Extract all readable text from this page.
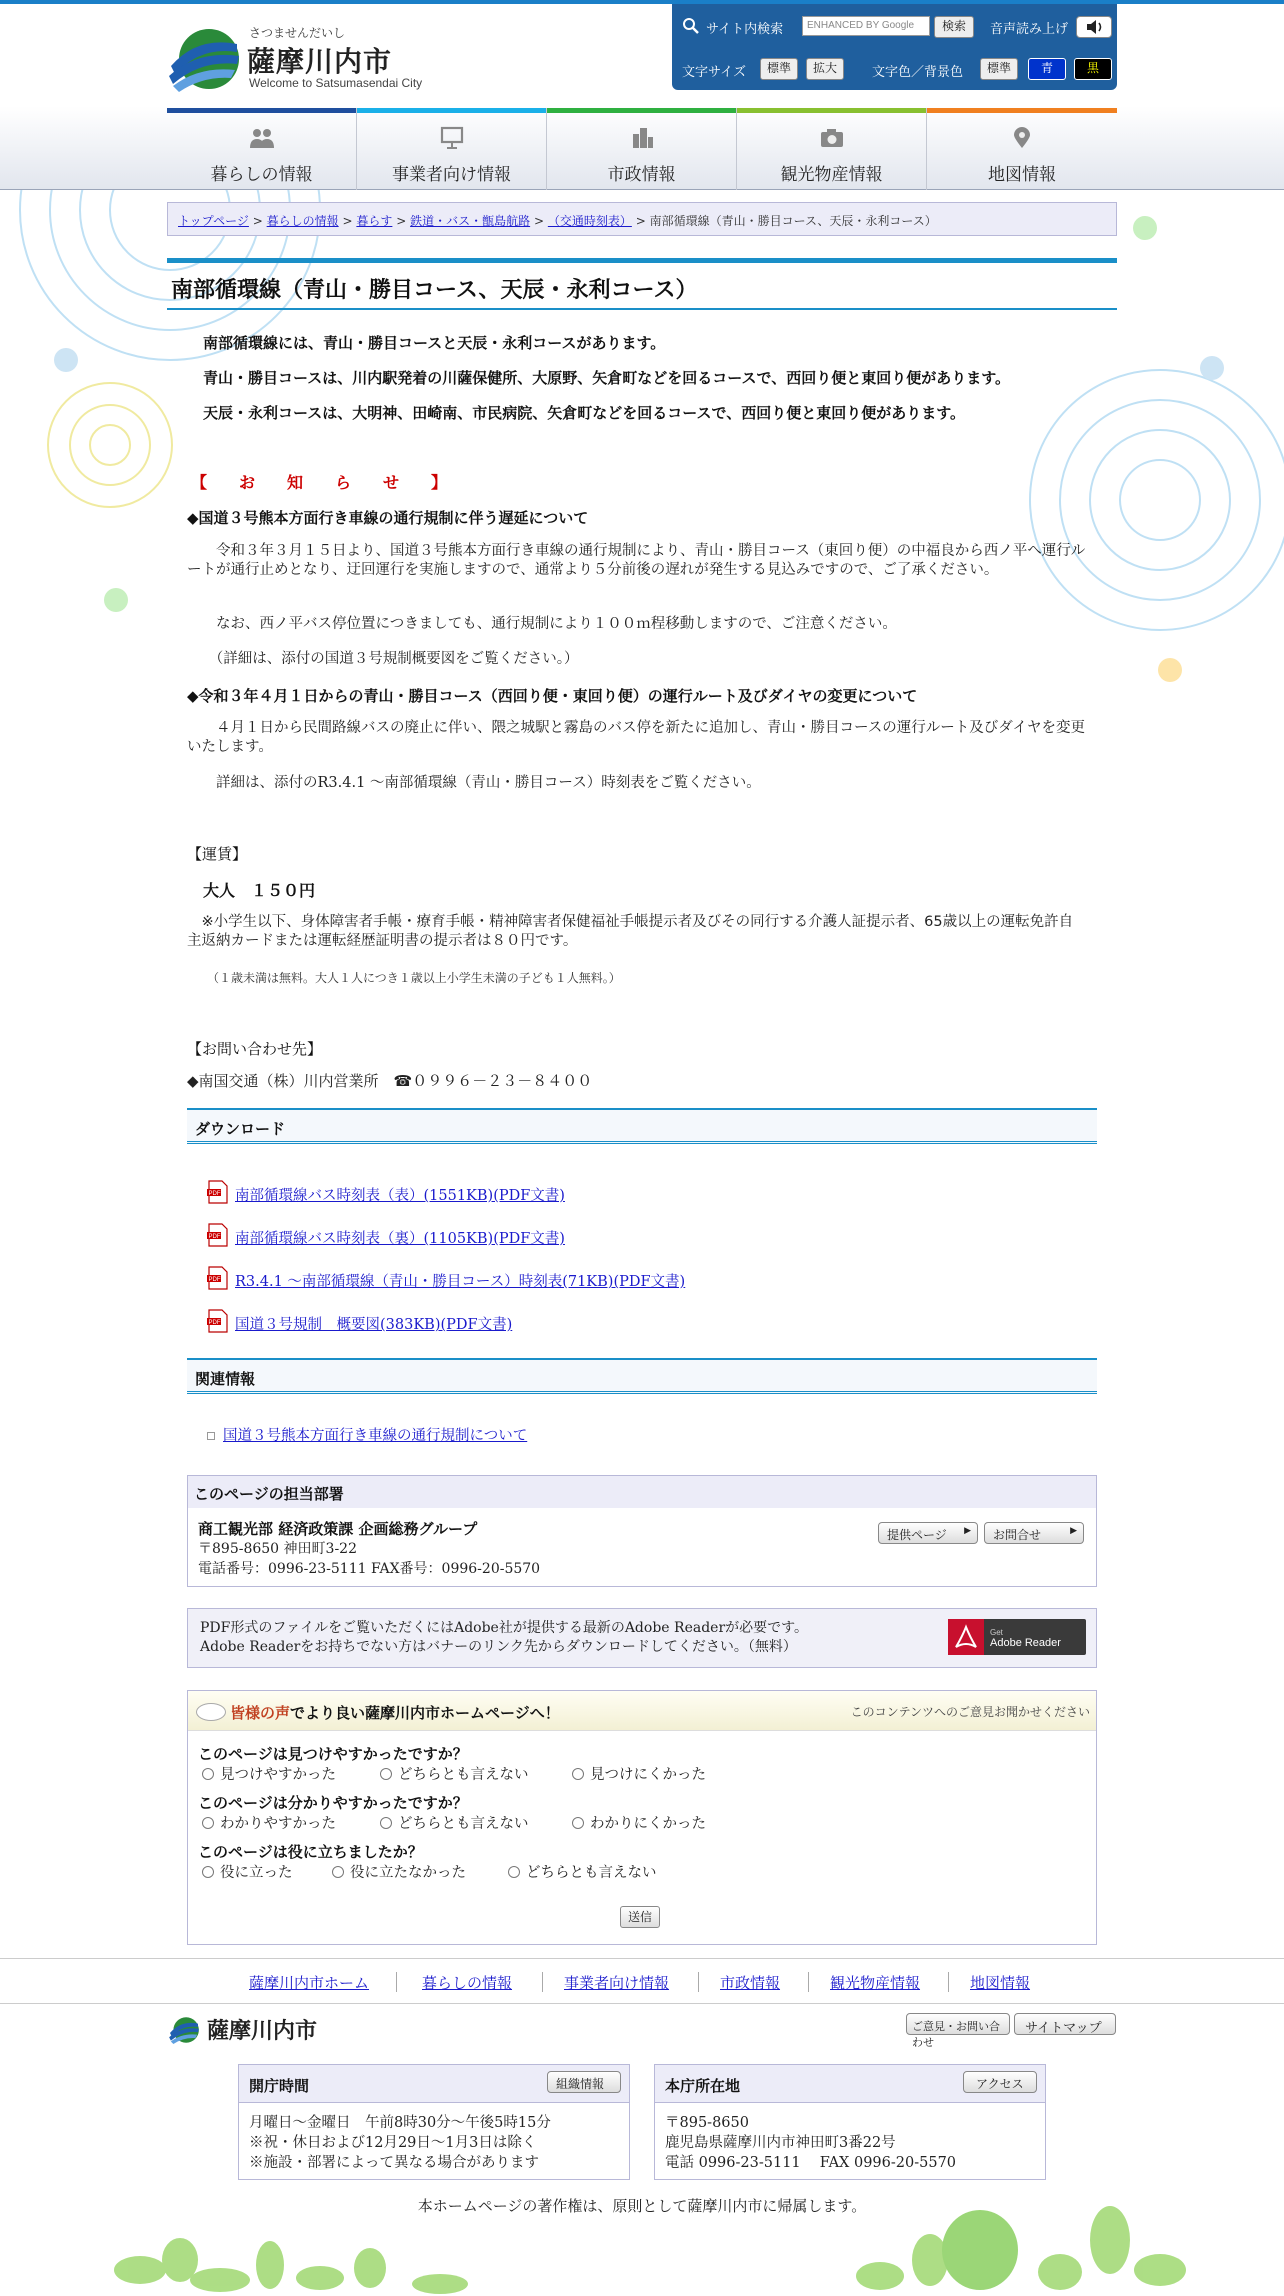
さつませんだいし
薩摩川内市
Welcome to Satsumasendai City
サイト内検索	ENHANCED BY Google	検索	音声読み上げ
文字サイズ	標準	拡大	文字色／背景色	標準	青	黒
暮らしの情報	事業者向け情報	市政情報	観光物産情報	地図情報
トップページ > 暮らしの情報 > 暮らす > 鉄道・バス・甑島航路 > （交通時刻表） > 南部循環線（青山・勝目コース、天辰・永利コース）
南部循環線（青山・勝目コース、天辰・永利コース）
南部循環線には、青山・勝目コースと天辰・永利コースがあります。
青山・勝目コースは、川内駅発着の川薩保健所、大原野、矢倉町などを回るコースで、西回り便と東回り便があります。
天辰・永利コースは、大明神、田崎南、市民病院、矢倉町などを回るコースで、西回り便と東回り便があります。
【　お　知　ら　せ　】
◆国道３号熊本方面行き車線の通行規制に伴う遅延について
　　令和３年３月１５日より、国道３号熊本方面行き車線の通行規制により、青山・勝目コース（東回り便）の中福良から西ノ平へ運行ルートが通行止めとなり、迂回運行を実施しますので、通常より５分前後の遅れが発生する見込みですので、ご了承ください。
　　なお、西ノ平バス停位置につきましても、通行規制により１００ｍ程移動しますので、ご注意ください。
　　（詳細は、添付の国道３号規制概要図をご覧ください。）
◆令和３年４月１日からの青山・勝目コース（西回り便・東回り便）の運行ルート及びダイヤの変更について
　　４月１日から民間路線バスの廃止に伴い、隈之城駅と霧島のバス停を新たに追加し、青山・勝目コースの運行ルート及びダイヤを変更いたします。
　　詳細は、添付のR3.4.1 ～南部循環線（青山・勝目コース）時刻表をご覧ください。
【運賃】
大人　１５０円
　※小学生以下、身体障害者手帳・療育手帳・精神障害者保健福祉手帳提示者及びその同行する介護人証提示者、65歳以上の運転免許自主返納カードまたは運転経歴証明書の提示者は８０円です。
（１歳未満は無料。大人１人につき１歳以上小学生未満の子ども１人無料。）
【お問い合わせ先】
◆南国交通（株）川内営業所　☎０９９６－２３－８４００
ダウンロード
PDF 南部循環線バス時刻表（表）(1551KB)(PDF文書)
PDF 南部循環線バス時刻表（裏）(1105KB)(PDF文書)
PDF R3.4.1 ～南部循環線（青山・勝目コース）時刻表(71KB)(PDF文書)
PDF 国道３号規制　概要図(383KB)(PDF文書)
関連情報
国道３号熊本方面行き車線の通行規制について
このページの担当部署
商工観光部 経済政策課 企画総務グループ
〒895-8650 神田町3-22
電話番号：0996-23-5111 FAX番号：0996-20-5570
提供ページ ▶	お問合せ	▶
PDF形式のファイルをご覧いただくにはAdobe社が提供する最新のAdobe Readerが必要です。
Adobe Readerをお持ちでない方はバナーのリンク先からダウンロードしてください。（無料）
Get
Adobe Reader
皆様の声でより良い薩摩川内市ホームページへ！	このコンテンツへのご意見お聞かせください
このページは見つけやすかったですか？
見つけやすかった	どちらとも言えない	見つけにくかった
このページは分かりやすかったですか？
わかりやすかった	どちらとも言えない	わかりにくかった
このページは役に立ちましたか？
役に立った	役に立たなかった	どちらとも言えない
送信
薩摩川内市ホーム	暮らしの情報	事業者向け情報	市政情報	観光物産情報	地図情報
薩摩川内市	ご意見・お問い合わせ
サイトマップ
開庁時間	組織情報
月曜日～金曜日　午前8時30分～午後5時15分
※祝・休日および12月29日～1月3日は除く
※施設・部署によって異なる場合があります
本庁所在地	アクセス
〒895-8650
鹿児島県薩摩川内市神田町3番22号
電話 0996-23-5111　 FAX 0996-20-5570
本ホームページの著作権は、原則として薩摩川内市に帰属します。
